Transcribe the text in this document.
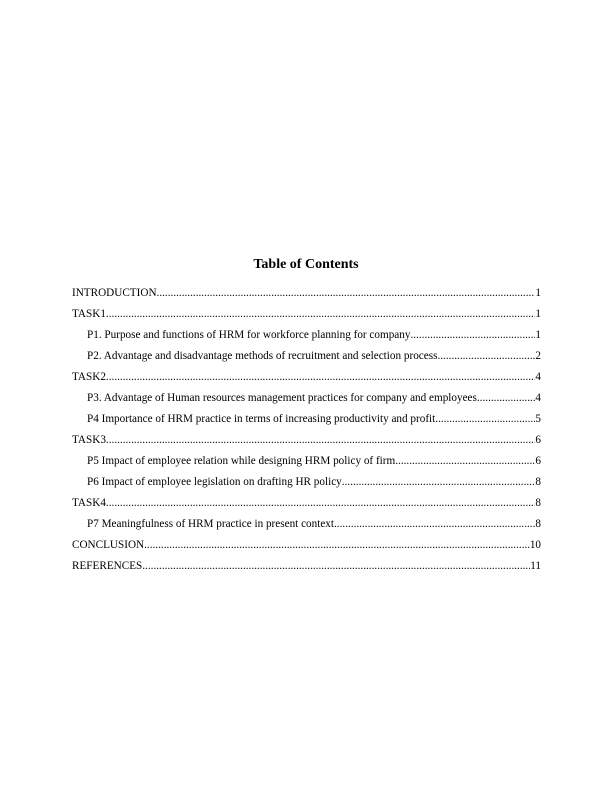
Table of Contents
INTRODUCTION .....	1
TASK1 .....	1
P1. Purpose and functions of HRM for workforce planning for company .....	1
P2. Advantage and disadvantage methods of recruitment and selection process .....	2
TASK2 .....	4
P3. Advantage of Human resources management practices for company and employees .....	4
P4 Importance of HRM practice in terms of increasing productivity and profit .....	5
TASK3 .....	6
P5 Impact of employee relation while designing HRM policy of firm .....	6
P6 Impact of employee legislation on drafting HR policy .....	8
TASK4 .....	8
P7 Meaningfulness of HRM practice in present context .....	8
CONCLUSION .....	10
REFERENCES .....	11
